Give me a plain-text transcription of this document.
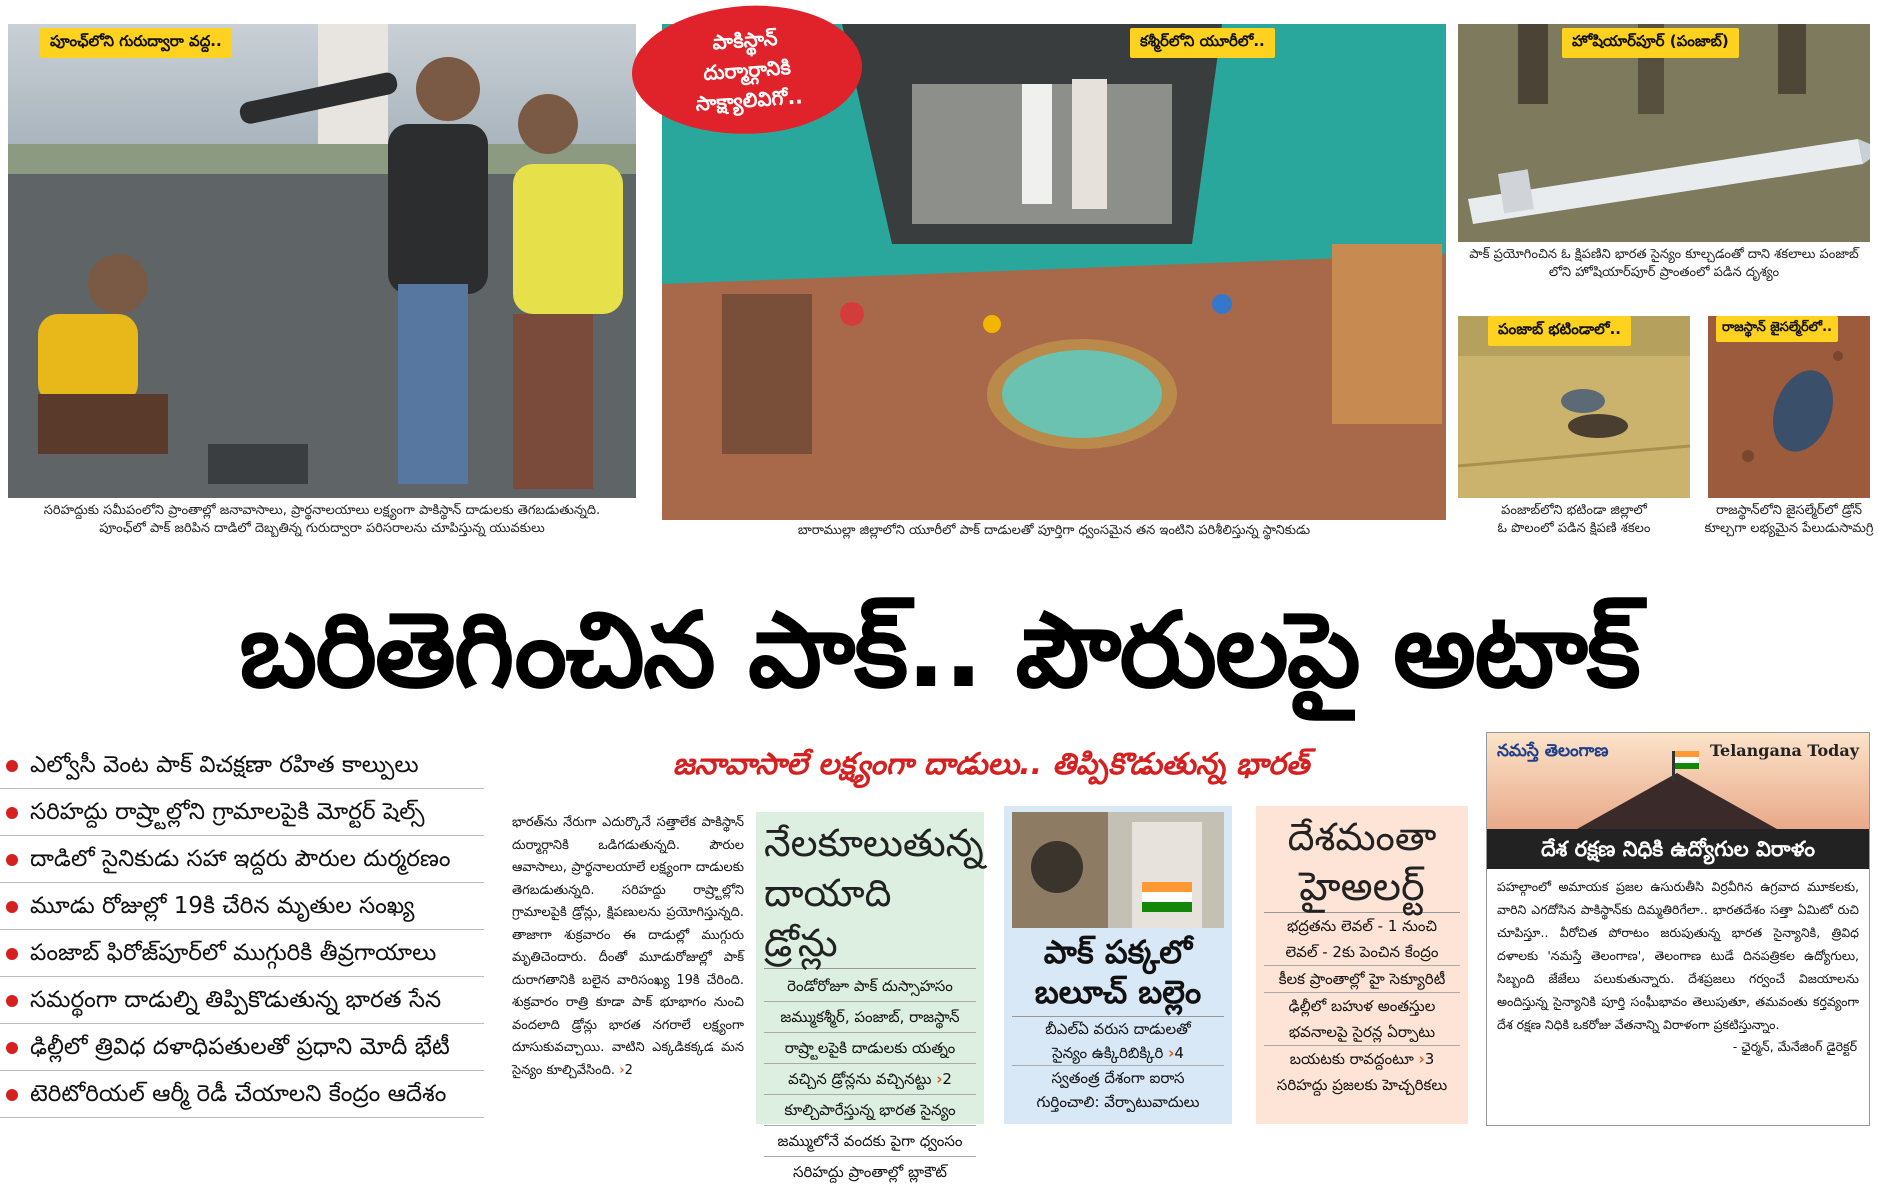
పూంఛ్‌లోని గురుద్వారా వద్ద..
సరిహద్దుకు సమీపంలోని ప్రాంతాల్లో జనావాసాలు, ప్రార్థనాలయాలు లక్ష్యంగా పాకిస్థాన్ దాడులకు తెగబడుతున్నది.
పూంఛ్‌లో పాక్ జరిపిన దాడిలో దెబ్బతిన్న గురుద్వారా పరిసరాలను చూపిస్తున్న యువకులు
కశ్మీర్‌లోని యూరీలో..
బారాముల్లా జిల్లాలోని యూరీలో పాక్ దాడులతో పూర్తిగా ధ్వంసమైన తన ఇంటిని పరిశీలిస్తున్న స్థానికుడు
పాకిస్థాన్ దుర్మార్గానికి సాక్ష్యాలివిగో..
హోషియార్‌పూర్ (పంజాబ్)
పాక్ ప్రయోగించిన ఓ క్షిపణిని భారత సైన్యం కూల్చడంతో దాని శకలాలు పంజాబ్
లోని హోషియార్‌పూర్ ప్రాంతంలో పడిన దృశ్యం
పంజాబ్ భటిండాలో..
పంజాబ్‌లోని భటిండా జిల్లాలో
ఓ పొలంలో పడిన క్షిపణి శకలం
రాజస్థాన్ జైసల్మేర్‌లో..
రాజస్థాన్‌లోని జైసల్మేర్‌లో డ్రోన్
కూల్చగా లభ్యమైన పేలుడుసామగ్రి
బరితెగించిన పాక్.. పౌరులపై అటాక్
ఎల్వోసీ వెంట పాక్ విచక్షణా రహిత కాల్పులు
సరిహద్దు రాష్ర్టాల్లోని గ్రామాలపైకి మోర్టర్ షెల్స్
దాడిలో సైనికుడు సహా ఇద్దరు పౌరుల దుర్మరణం
మూడు రోజుల్లో 19కి చేరిన మృతుల సంఖ్య
పంజాబ్ ఫిరోజ్‌పూర్‌లో ముగ్గురికి తీవ్రగాయాలు
సమర్థంగా దాడుల్ని తిప్పికొడుతున్న భారత సేన
ఢిల్లీలో త్రివిధ దళాధిపతులతో ప్రధాని మోదీ భేటీ
టెరిటోరియల్ ఆర్మీ రెడీ చేయాలని కేంద్రం ఆదేశం
జనావాసాలే లక్ష్యంగా దాడులు.. తిప్పికొడుతున్న భారత్
భారత్‌ను నేరుగా ఎదుర్కొనే సత్తాలేక పాకిస్థాన్ దుర్మార్గానికి ఒడిగడుతున్నది. పౌరుల ఆవాసాలు, ప్రార్థనాలయాలే లక్ష్యంగా దాడులకు తెగబడుతున్నది. సరిహద్దు రాష్ర్టాల్లోని గ్రామాలపైకి డ్రోన్లు, క్షిపణులను ప్రయోగిస్తున్నది. తాజాగా శుక్రవారం ఈ దాడుల్లో ముగ్గురు మృతిచెందారు. దీంతో మూడురోజుల్లో పాక్ దురాగతానికి బలైన వారిసంఖ్య 19కి చేరింది. శుక్రవారం రాత్రి కూడా పాక్ భూభాగం నుంచి వందలాది డ్రోన్లు భారత నగరాలే లక్ష్యంగా దూసుకువచ్చాయి. వాటిని ఎక్కడికక్కడ మన సైన్యం కూల్చివేసింది. ›2
నేలకూలుతున్న
దాయాది డ్రోన్లు
రెండోరోజూ పాక్ దుస్సాహసం
జమ్ముకశ్మీర్, పంజాబ్, రాజస్థాన్
రాష్ర్టాలపైకి దాడులకు యత్నం
వచ్చిన డ్రోన్లను వచ్చినట్టు ›2
కూల్చిపారేస్తున్న భారత సైన్యం
జమ్ములోనే వందకు పైగా ధ్వంసం
సరిహద్దు ప్రాంతాల్లో బ్లాకౌట్
పాక్ పక్కలో
బలూచ్ బల్లెం
బీఎల్ఏ వరుస దాడులతో
సైన్యం ఉక్కిరిబిక్కిరి ›4
స్వతంత్ర దేశంగా ఐరాస
గుర్తించాలి: వేర్పాటువాదులు
దేశమంతా
హైఅలర్ట్
భద్రతను లెవల్ - 1 నుంచి
లెవల్ - 2కు పెంచిన కేంద్రం
కీలక ప్రాంతాల్లో హై సెక్యూరిటీ
ఢిల్లీలో బహుళ అంతస్తుల
భవనాలపై సైరన్ల ఏర్పాటు
బయటకు రావద్దంటూ ›3
సరిహద్దు ప్రజలకు హెచ్చరికలు
నమస్తే తెలంగాణ	Telangana Today
దేశ రక్షణ నిధికి ఉద్యోగుల విరాళం
పహల్గాంలో అమాయక ప్రజల ఉసురుతీసి విర్రవీగిన ఉగ్రవాద మూకలకు, వారిని ఎగదోసిన పాకిస్థాన్‌కు దిమ్మతిరిగేలా.. భారతదేశం సత్తా ఏమిటో రుచి చూపిస్తూ.. వీరోచిత పోరాటం జరుపుతున్న భారత సైన్యానికి, త్రివిధ దళాలకు 'నమస్తే తెలంగాణ', తెలంగాణ టుడే దినపత్రికల ఉద్యోగులు, సిబ్బంది జేజేలు పలుకుతున్నారు. దేశప్రజలు గర్వంచే విజయాలను అందిస్తున్న సైన్యానికి పూర్తి సంఘీభావం తెలుపుతూ, తమవంతు కర్తవ్యంగా దేశ రక్షణ నిధికి ఒకరోజు వేతనాన్ని విరాళంగా ప్రకటిస్తున్నాం.
- ఛైర్మన్, మేనేజింగ్ డైరెక్టర్
